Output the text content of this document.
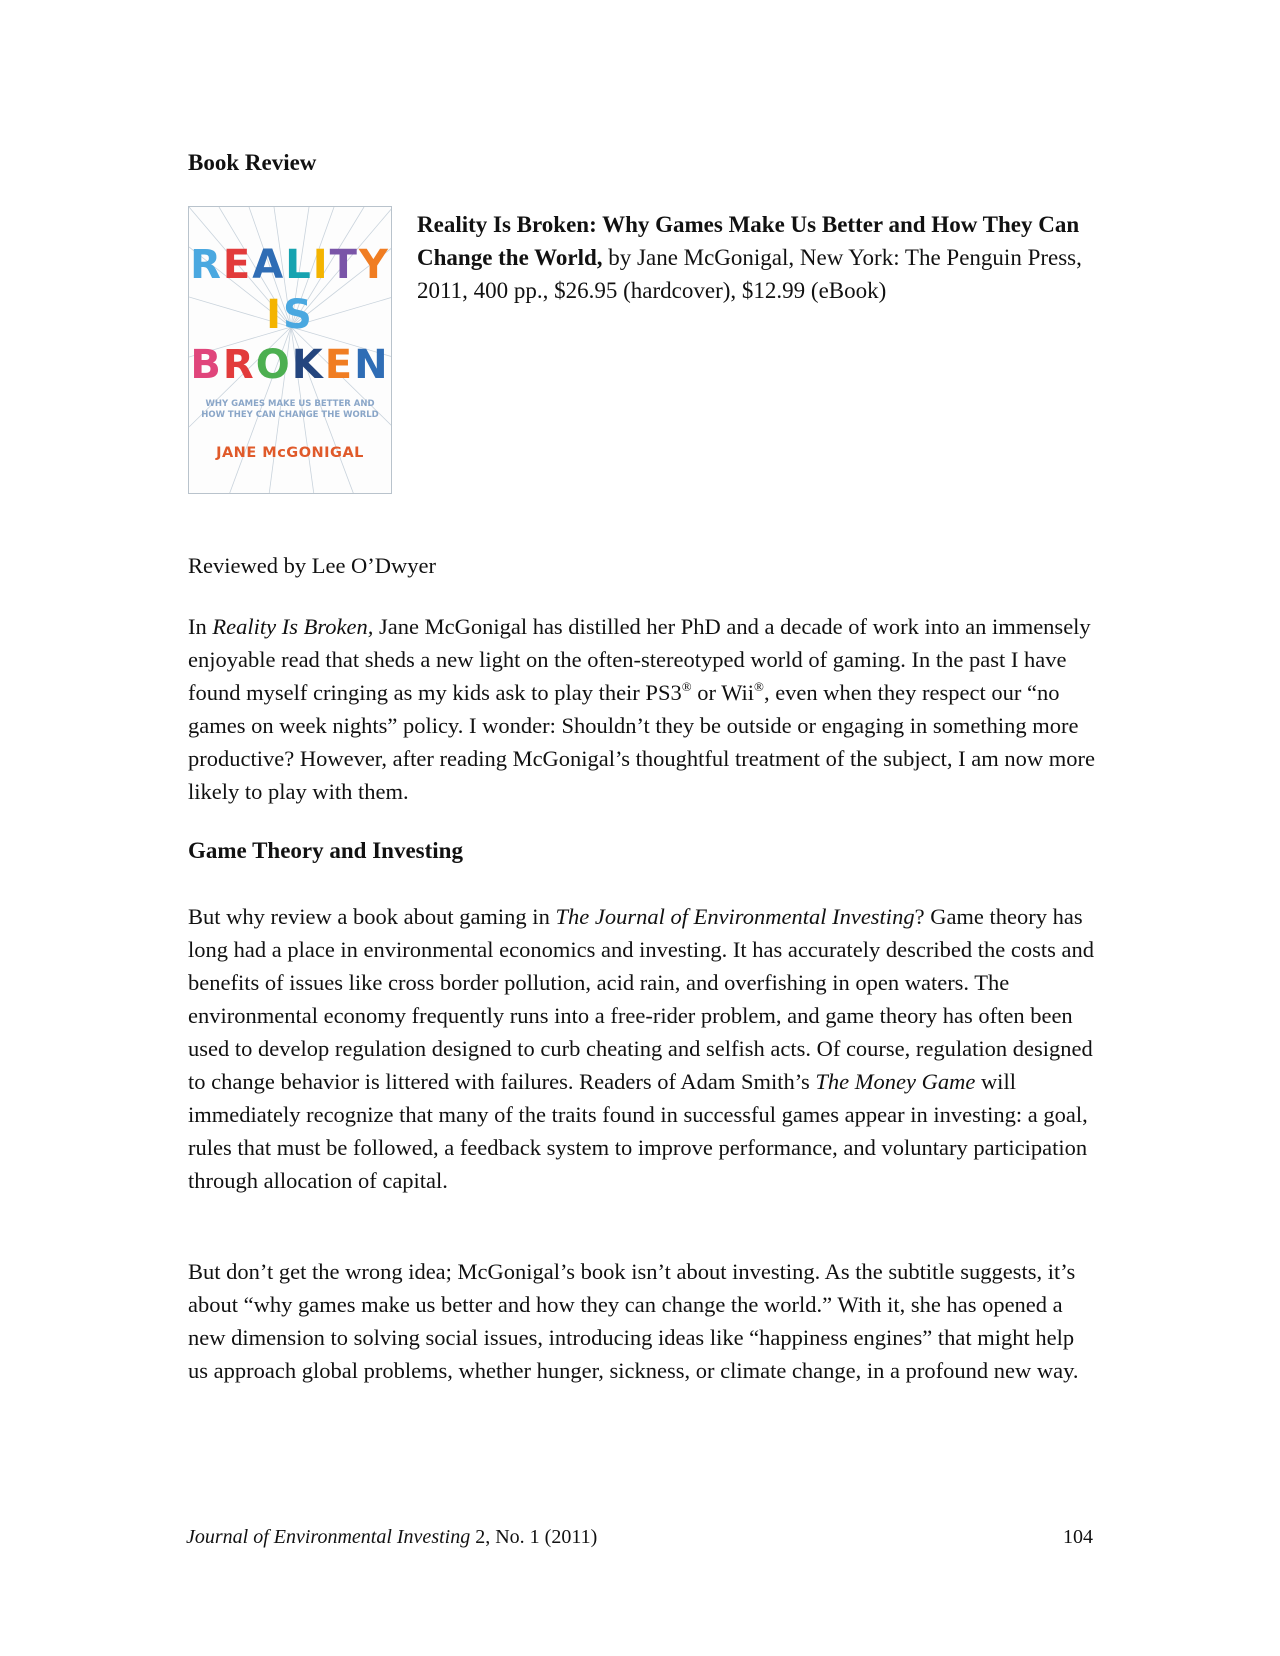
Book Review
REALITY
IS
BROKEN
WHY GAMES MAKE US BETTER AND
HOW THEY CAN CHANGE THE WORLD
JANE McGONIGAL
Reality Is Broken: Why Games Make Us Better and How They Can Change the World, by Jane McGonigal, New York: The Penguin Press, 2011, 400 pp., $26.95 (hardcover), $12.99 (eBook)

Reviewed by Lee O’Dwyer

In Reality Is Broken, Jane McGonigal has distilled her PhD and a decade of work into an immensely enjoyable read that sheds a new light on the often-stereotyped world of gaming. In the past I have found myself cringing as my kids ask to play their PS3® or Wii®, even when they respect our “no games on week nights” policy. I wonder: Shouldn’t they be outside or engaging in something more productive? However, after reading McGonigal’s thoughtful treatment of the subject, I am now more likely to play with them.

Game Theory and Investing

But why review a book about gaming in The Journal of Environmental Investing? Game theory has long had a place in environmental economics and investing. It has accurately described the costs and benefits of issues like cross border pollution, acid rain, and overfishing in open waters. The environmental economy frequently runs into a free-rider problem, and game theory has often been used to develop regulation designed to curb cheating and selfish acts. Of course, regulation designed to change behavior is littered with failures. Readers of Adam Smith’s The Money Game will immediately recognize that many of the traits found in successful games appear in investing: a goal, rules that must be followed, a feedback system to improve performance, and voluntary participation through allocation of capital.

But don’t get the wrong idea; McGonigal’s book isn’t about investing. As the subtitle suggests, it’s about “why games make us better and how they can change the world.” With it, she has opened a new dimension to solving social issues, introducing ideas like “happiness engines” that might help us approach global problems, whether hunger, sickness, or climate change, in a profound new way.

Journal of Environmental Investing 2, No. 1 (2011)	104
